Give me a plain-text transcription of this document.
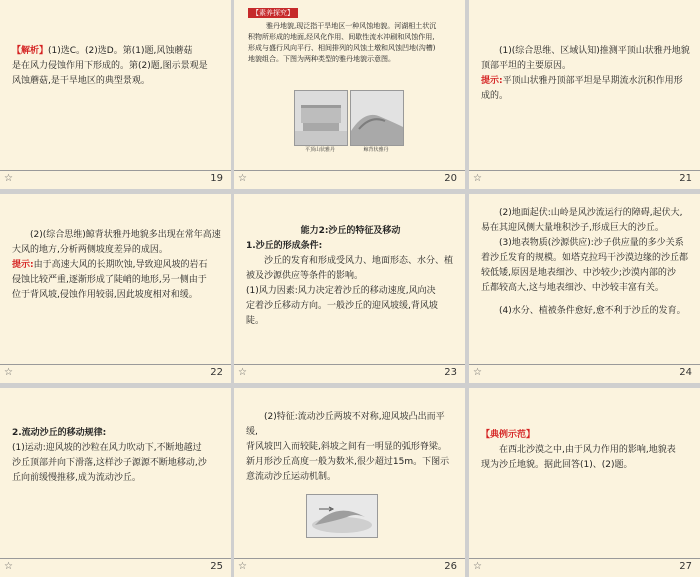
【解析】(1)选C。(2)选D。第(1)题,风蚀蘑菇

是在风力侵蚀作用下形成的。第(2)题,图示景观是

风蚀蘑菇,是干旱地区的典型景观。

☆	19
【素养探究】

雅丹地貌,现泛指干旱地区一种风蚀地貌。河湖相土状沉

积物所形成的地面,经风化作用、间歇性流水冲刷和风蚀作用,

形成与盛行风向平行、相间排列的风蚀土墩和风蚀凹地(沟槽)

地貌组合。下图为两种类型的雅丹地貌示意图。

平顶山状雅丹	鲸背状雅丹
☆	20

(1)(综合思维、区域认知)推测平顶山状雅丹地貌

顶部平坦的主要原因。

提示:平顶山状雅丹顶部平坦是早期流水沉积作用形

成的。

☆	21

(2)(综合思维)鲸背状雅丹地貌多出现在常年高速

大风的地方,分析两侧坡度差异的成因。

提示:由于高速大风的长期吹蚀,导致迎风坡的岩石

侵蚀比较严重,逐渐形成了陡峭的地形,另一侧由于

位于背风坡,侵蚀作用较弱,因此坡度相对和缓。

☆	22

能力2:沙丘的特征及移动

1.沙丘的形成条件:

沙丘的发育和形成受风力、地面形态、水分、植

被及沙源供应等条件的影响。

(1)风力因素:风力决定着沙丘的移动速度,风向决

定着沙丘移动方向。一般沙丘的迎风坡缓,背风坡陡。

☆	23

(2)地面起伏:山岭是风沙流运行的障碍,起伏大,

易在其迎风侧大量堆积沙子,形成巨大的沙丘。

(3)地表物质(沙源供应):沙子供应量的多少关系

着沙丘发育的规模。如塔克拉玛干沙漠边缘的沙丘都

较低矮,原因是地表细沙、中沙较少;沙漠内部的沙

丘都较高大,这与地表细沙、中沙较丰富有关。

(4)水分、植被条件愈好,愈不利于沙丘的发育。

☆	24

2.流动沙丘的移动规律:

(1)运动:迎风坡的沙粒在风力吹动下,不断地越过

沙丘顶部并向下滑落,这样沙子源源不断地移动,沙

丘向前缓慢推移,成为流动沙丘。

☆	25

(2)特征:流动沙丘两坡不对称,迎风坡凸出而平缓,

背风坡凹入而较陡,斜坡之间有一明显的弧形脊梁。

新月形沙丘高度一般为数米,很少超过15m。下图示

意流动沙丘运动机制。

☆	26

【典例示范】

在西北沙漠之中,由于风力作用的影响,地貌表

现为沙丘地貌。据此回答(1)、(2)题。

☆	27
